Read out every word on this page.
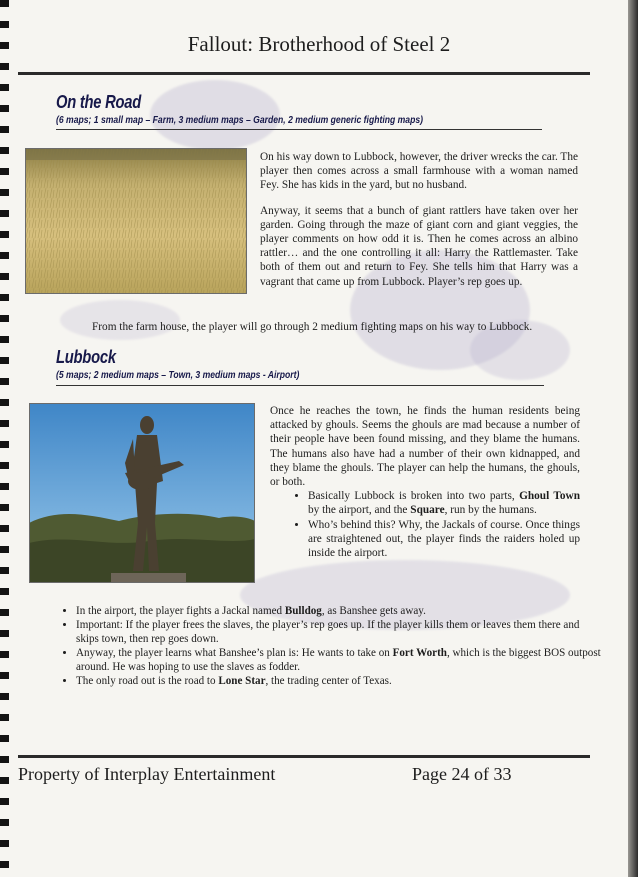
Fallout: Brotherhood of Steel 2
On the Road
(6 maps; 1 small map – Farm, 3 medium maps – Garden, 2 medium generic fighting maps)

On his way down to Lubbock, however, the driver wrecks the car. The player then comes across a small farmhouse with a woman named Fey. She has kids in the yard, but no husband.

Anyway, it seems that a bunch of giant rattlers have taken over her garden. Going through the maze of giant corn and giant veggies, the player comments on how odd it is. Then he comes across an albino rattler… and the one controlling it all: Harry the Rattlemaster. Take both of them out and return to Fey. She tells him that Harry was a vagrant that came up from Lubbock. Player’s rep goes up.

From the farm house, the player will go through 2 medium fighting maps on his way to Lubbock.
Lubbock
(5 maps; 2 medium maps – Town, 3 medium maps - Airport)

Once he reaches the town, he finds the human residents being attacked by ghouls. Seems the ghouls are mad because a number of their people have been found missing, and they blame the humans. The humans also have had a number of their own kidnapped, and they blame the ghouls. The player can help the humans, the ghouls, or both.

• Basically Lubbock is broken into two parts, Ghoul Town by the airport, and the Square, run by the humans.
• Who’s behind this? Why, the Jackals of course. Once things are straightened out, the player finds the raiders holed up inside the airport.
• In the airport, the player fights a Jackal named Bulldog, as Banshee gets away.
• Important: If the player frees the slaves, the player’s rep goes up. If the player kills them or leaves them there and skips town, then rep goes down.
• Anyway, the player learns what Banshee’s plan is: He wants to take on Fort Worth, which is the biggest BOS outpost around. He was hoping to use the slaves as fodder.
• The only road out is the road to Lone Star, the trading center of Texas.
Property of Interplay Entertainment	Page 24 of 33
